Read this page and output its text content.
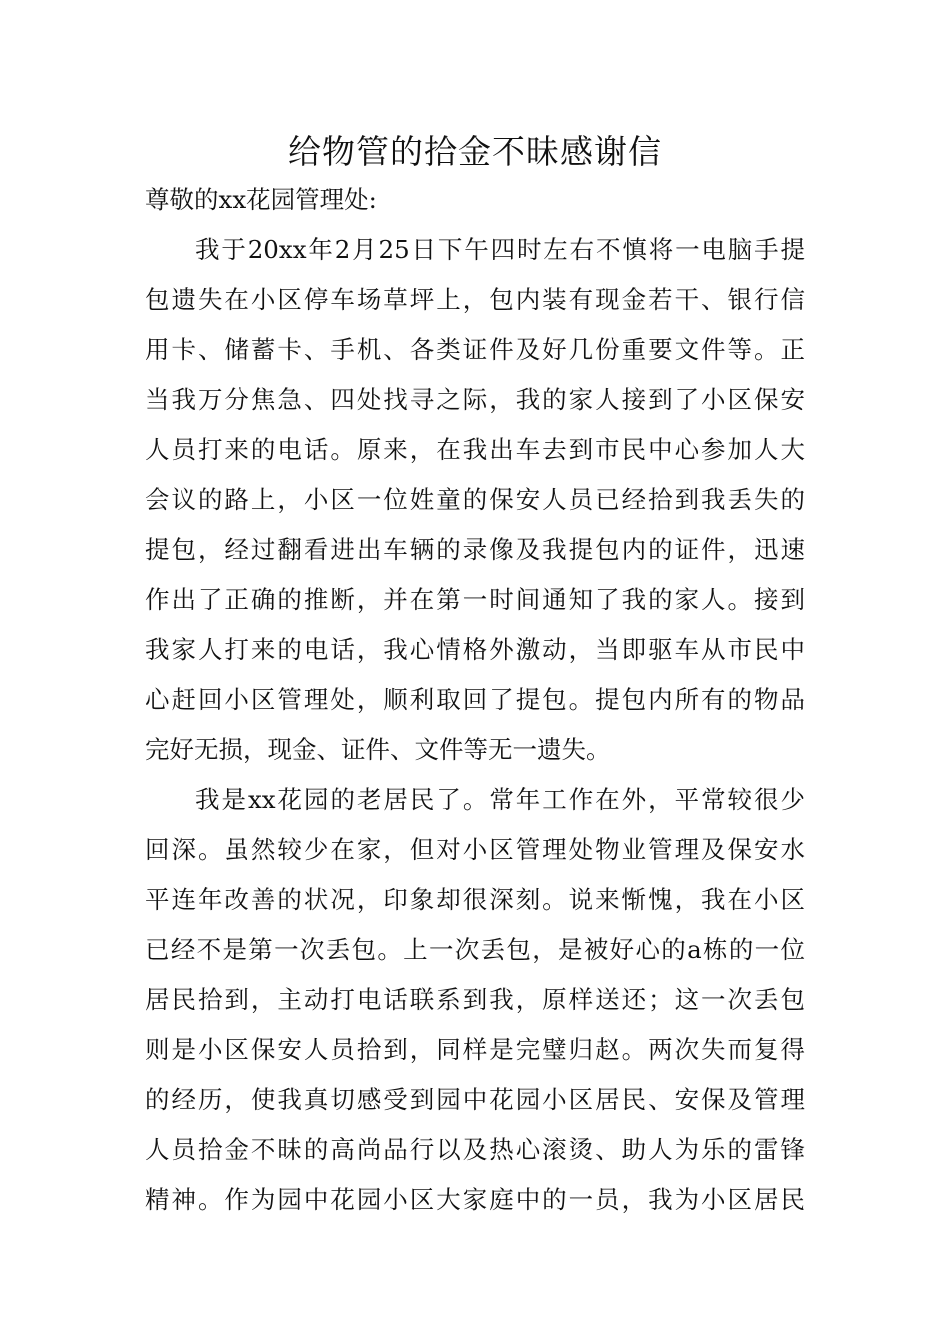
给物管的拾金不昧感谢信
尊敬的xx花园管理处:
我于20xx年2月25日下午四时左右不慎将一电脑手提
包遗失在小区停车场草坪上，包内装有现金若干、银行信
用卡、储蓄卡、手机、各类证件及好几份重要文件等。正
当我万分焦急、四处找寻之际，我的家人接到了小区保安
人员打来的电话。原来，在我出车去到市民中心参加人大
会议的路上，小区一位姓童的保安人员已经拾到我丢失的
提包，经过翻看进出车辆的录像及我提包内的证件，迅速
作出了正确的推断，并在第一时间通知了我的家人。接到
我家人打来的电话，我心情格外激动，当即驱车从市民中
心赶回小区管理处，顺利取回了提包。提包内所有的物品
完好无损，现金、证件、文件等无一遗失。
我是xx花园的老居民了。常年工作在外，平常较很少
回深。虽然较少在家，但对小区管理处物业管理及保安水
平连年改善的状况，印象却很深刻。说来惭愧，我在小区
已经不是第一次丢包。上一次丢包，是被好心的a栋的一位
居民拾到，主动打电话联系到我，原样送还；这一次丢包
则是小区保安人员拾到，同样是完璧归赵。两次失而复得
的经历，使我真切感受到园中花园小区居民、安保及管理
人员拾金不昧的高尚品行以及热心滚烫、助人为乐的雷锋
精神。作为园中花园小区大家庭中的一员，我为小区居民
